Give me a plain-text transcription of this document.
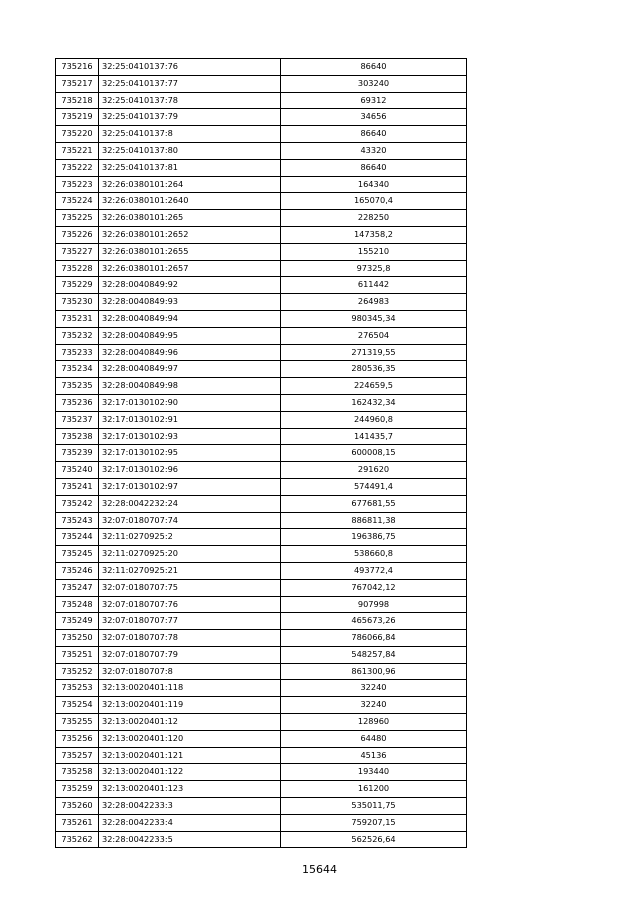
735216	32:25:0410137:76	86640
735217	32:25:0410137:77	303240
735218	32:25:0410137:78	69312
735219	32:25:0410137:79	34656
735220	32:25:0410137:8	86640
735221	32:25:0410137:80	43320
735222	32:25:0410137:81	86640
735223	32:26:0380101:264	164340
735224	32:26:0380101:2640	165070,4
735225	32:26:0380101:265	228250
735226	32:26:0380101:2652	147358,2
735227	32:26:0380101:2655	155210
735228	32:26:0380101:2657	97325,8
735229	32:28:0040849:92	611442
735230	32:28:0040849:93	264983
735231	32:28:0040849:94	980345,34
735232	32:28:0040849:95	276504
735233	32:28:0040849:96	271319,55
735234	32:28:0040849:97	280536,35
735235	32:28:0040849:98	224659,5
735236	32:17:0130102:90	162432,34
735237	32:17:0130102:91	244960,8
735238	32:17:0130102:93	141435,7
735239	32:17:0130102:95	600008,15
735240	32:17:0130102:96	291620
735241	32:17:0130102:97	574491,4
735242	32:28:0042232:24	677681,55
735243	32:07:0180707:74	886811,38
735244	32:11:0270925:2	196386,75
735245	32:11:0270925:20	538660,8
735246	32:11:0270925:21	493772,4
735247	32:07:0180707:75	767042,12
735248	32:07:0180707:76	907998
735249	32:07:0180707:77	465673,26
735250	32:07:0180707:78	786066,84
735251	32:07:0180707:79	548257,84
735252	32:07:0180707:8	861300,96
735253	32:13:0020401:118	32240
735254	32:13:0020401:119	32240
735255	32:13:0020401:12	128960
735256	32:13:0020401:120	64480
735257	32:13:0020401:121	45136
735258	32:13:0020401:122	193440
735259	32:13:0020401:123	161200
735260	32:28:0042233:3	535011,75
735261	32:28:0042233:4	759207,15
735262	32:28:0042233:5	562526,64
15644
